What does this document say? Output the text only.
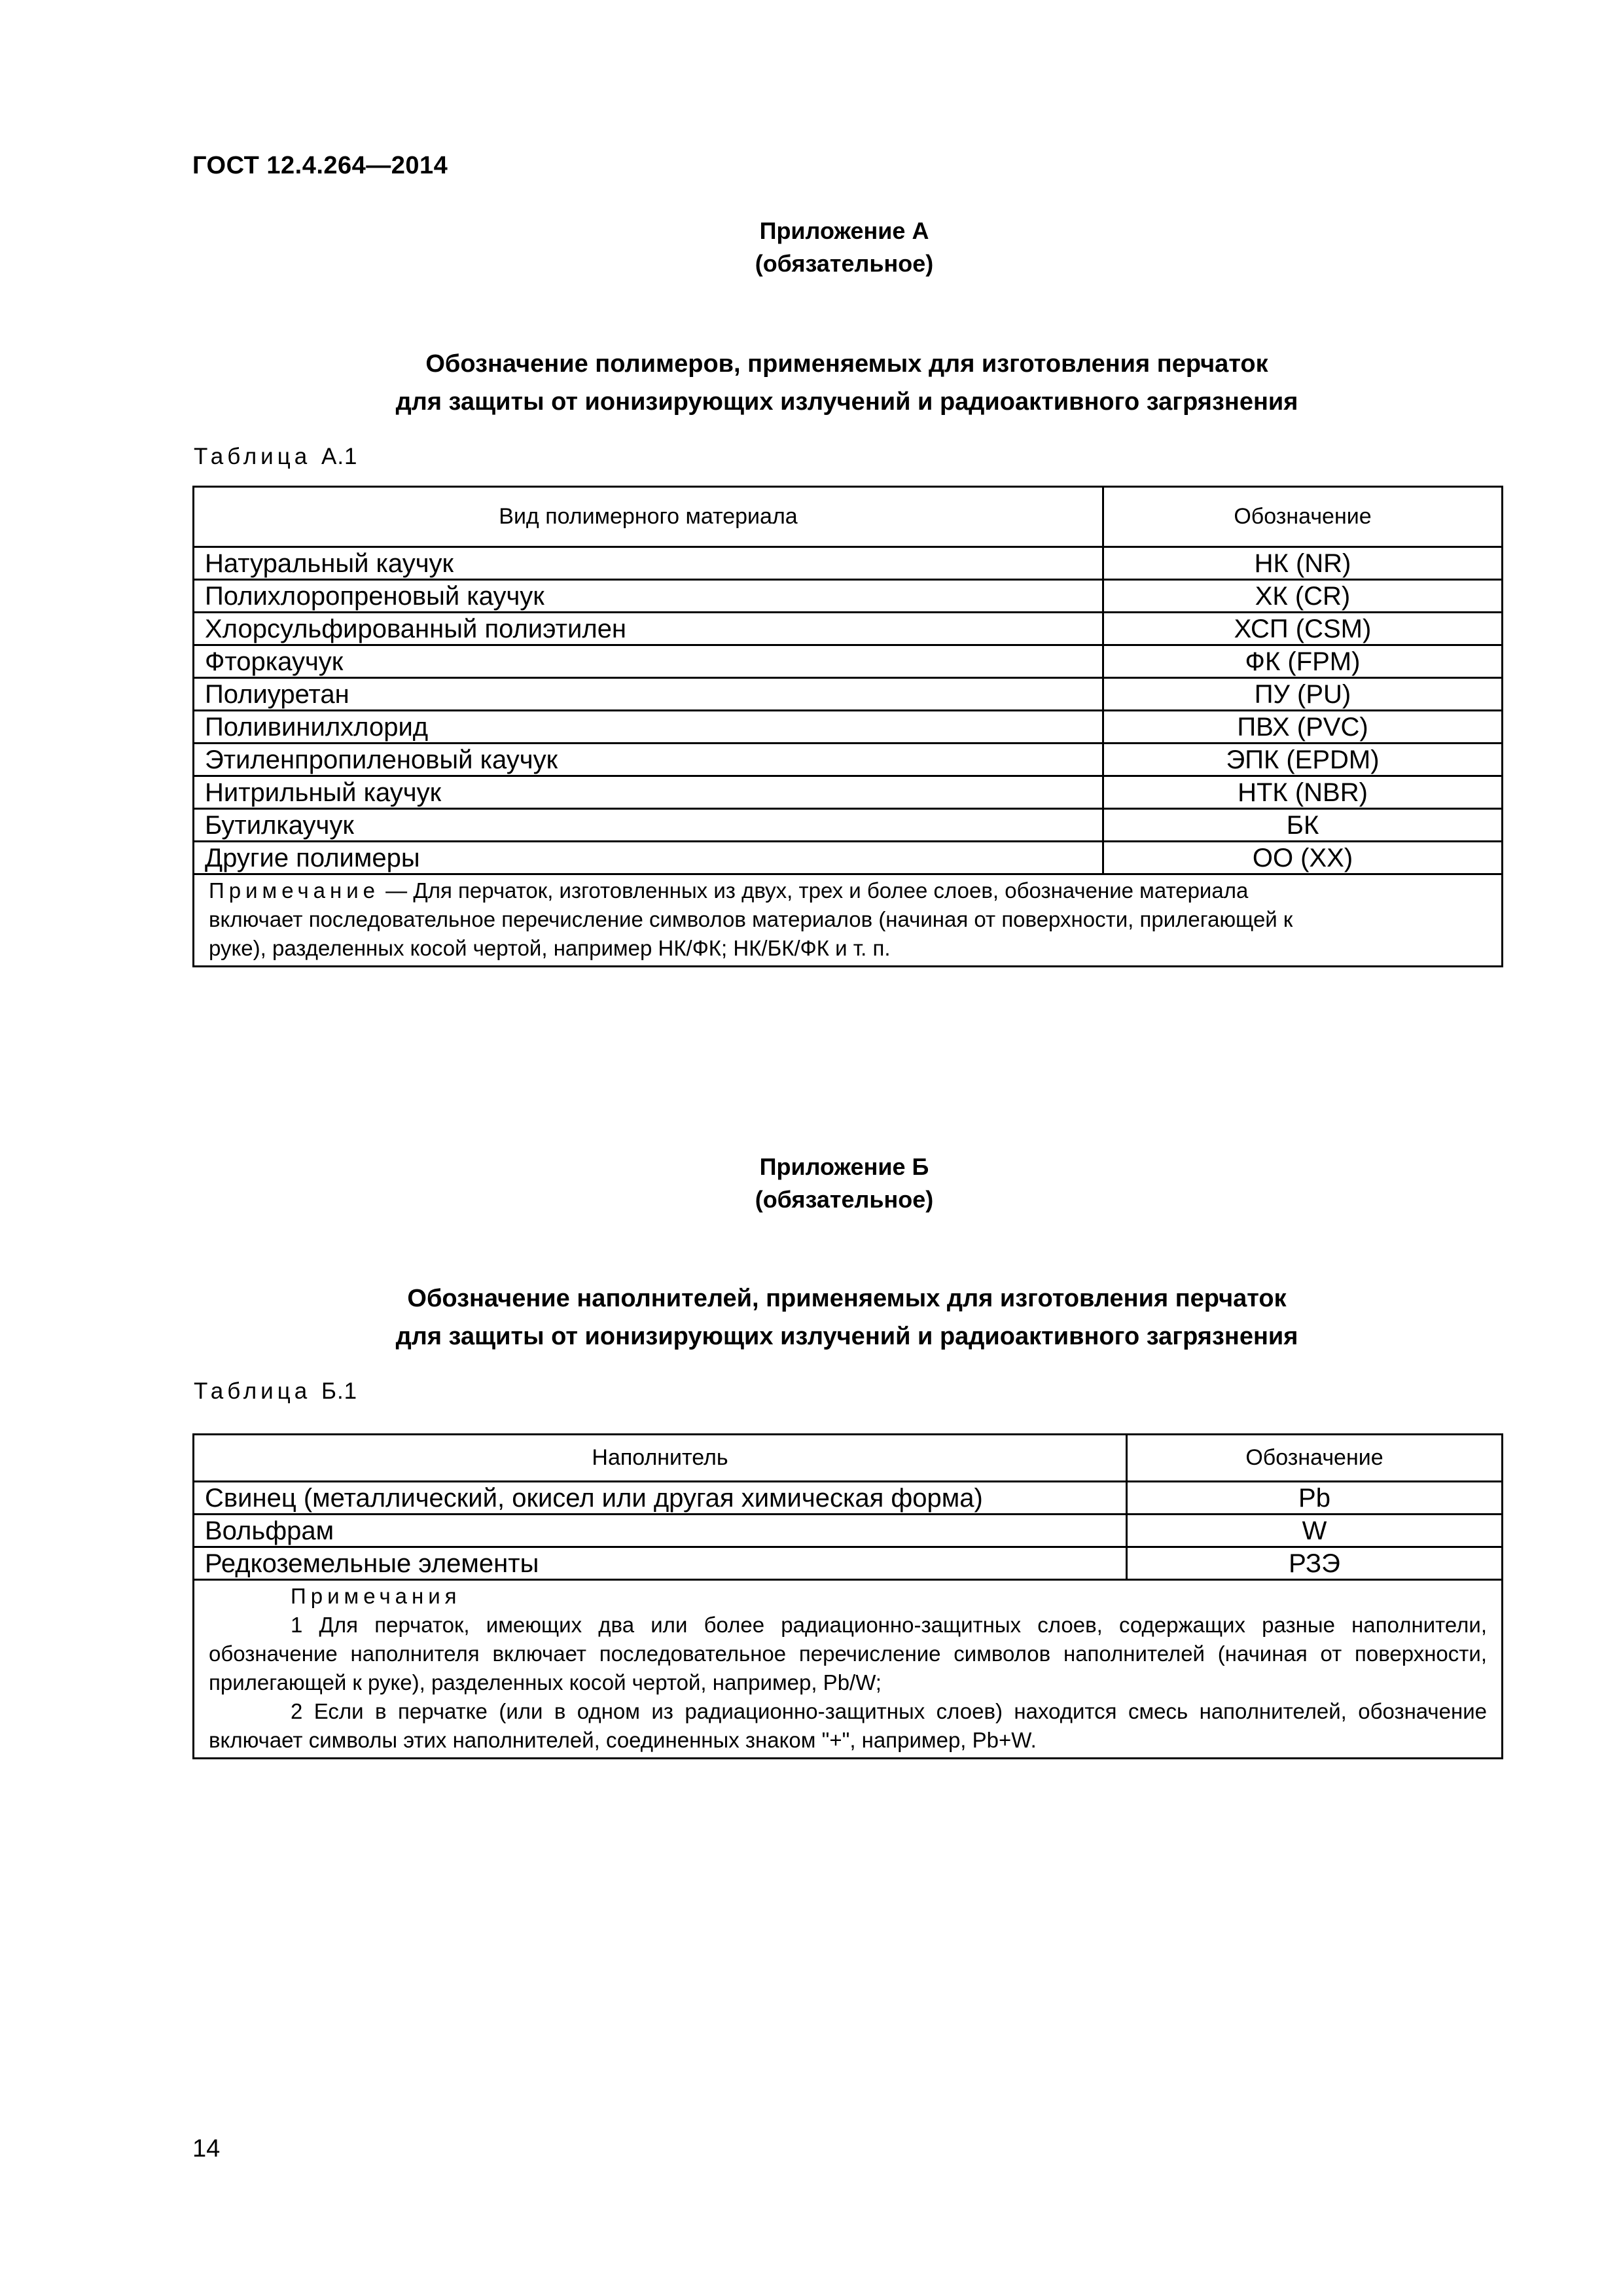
ГОСТ 12.4.264—2014
Приложение А
(обязательное)
Обозначение полимеров, применяемых для изготовления перчаток
для защиты от ионизирующих излучений и радиоактивного загрязнения
Таблица А.1
Вид полимерного материала	Обозначение
Натуральный каучук	НК (NR)
Полихлоропреновый каучук	ХК (CR)
Хлорсульфированный полиэтилен	ХСП (CSM)
Фторкаучук	ФК (FPM)
Полиуретан	ПУ (PU)
Поливинилхлорид	ПВХ (PVC)
Этиленпропиленовый каучук	ЭПК (EPDM)
Нитрильный каучук	НТК (NBR)
Бутилкаучук	БК
Другие полимеры	ОО (ХХ)

Примечание — Для перчаток, изготовленных из двух, трех и более слоев, обозначение материала
включает последовательное перечисление символов материалов (начиная от поверхности, прилегающей к
руке), разделенных косой чертой, например НК/ФК; НК/БК/ФК и т. п.	
Приложение Б
(обязательное)
Обозначение наполнителей, применяемых для изготовления перчаток
для защиты от ионизирующих излучений и радиоактивного загрязнения
Таблица Б.1
Наполнитель	Обозначение
Свинец (металлический, окисел или другая химическая форма)	Pb
Вольфрам	W
Редкоземельные элементы	РЗЭ

Примечания
1 Для перчаток, имеющих два или более радиационно-защитных слоев, содержащих разные наполнители, обозначение наполнителя включает последовательное перечисление символов наполнителей (начиная от поверхности, прилегающей к руке), разделенных косой чертой, например, Pb/W;
2 Если в перчатке (или в одном из радиационно-защитных слоев) находится смесь наполнителей, обозначение включает символы этих наполнителей, соединенных знаком "+", например, Pb+W.	
14
